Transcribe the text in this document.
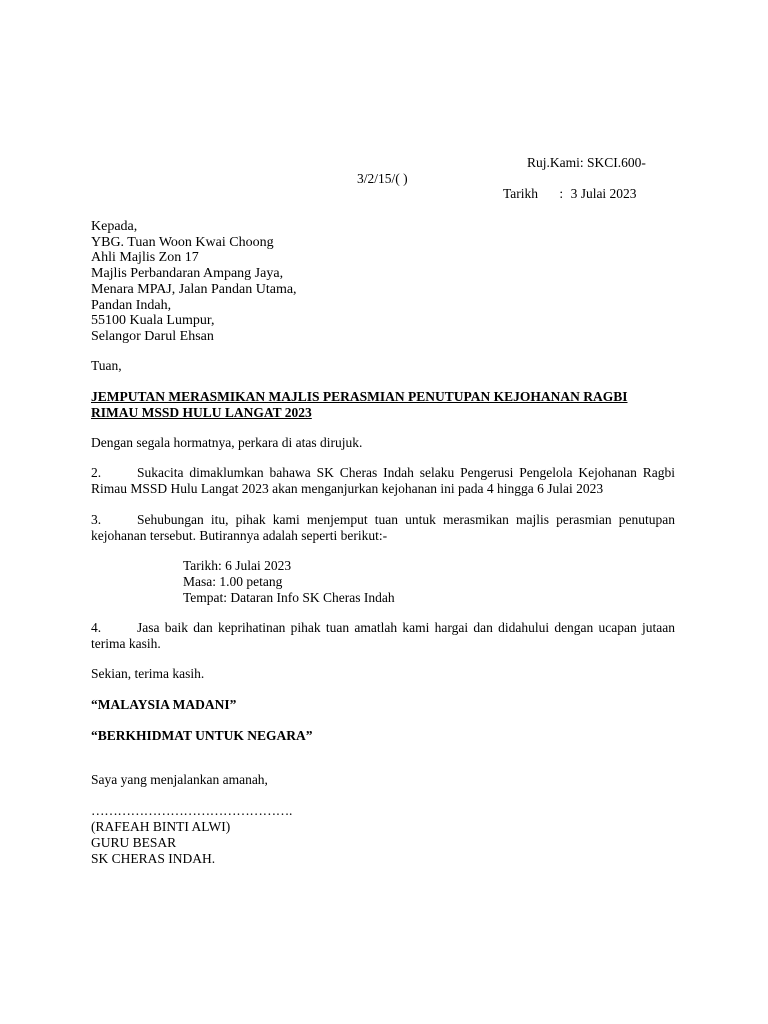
Ruj.Kami: SKCI.600-
3/2/15/( )
Tarikh : 3 Julai 2023
Kepada,
YBG. Tuan Woon Kwai Choong
Ahli Majlis Zon 17
Majlis Perbandaran Ampang Jaya,
Menara MPAJ, Jalan Pandan Utama,
Pandan Indah,
55100 Kuala Lumpur,
Selangor Darul Ehsan
Tuan,
JEMPUTAN MERASMIKAN MAJLIS PERASMIAN PENUTUPAN KEJOHANAN RAGBI
RIMAU MSSD HULU LANGAT 2023
Dengan segala hormatnya, perkara di atas dirujuk.
2.	Sukacita dimaklumkan bahawa SK Cheras Indah selaku Pengerusi Pengelola Kejohanan Ragbi Rimau MSSD Hulu Langat 2023 akan menganjurkan kejohanan ini pada 4 hingga 6 Julai 2023
3.	Sehubungan itu, pihak kami menjemput tuan untuk merasmikan majlis perasmian penutupan kejohanan tersebut. Butirannya adalah seperti berikut:-
Tarikh: 6 Julai 2023
Masa: 1.00 petang
Tempat: Dataran Info SK Cheras Indah
4.	Jasa baik dan keprihatinan pihak tuan amatlah kami hargai dan didahului dengan ucapan jutaan terima kasih.
Sekian, terima kasih.
“MALAYSIA MADANI”
“BERKHIDMAT UNTUK NEGARA”
Saya yang menjalankan amanah,
……………………………………….
(RAFEAH BINTI ALWI)
GURU BESAR
SK CHERAS INDAH.
